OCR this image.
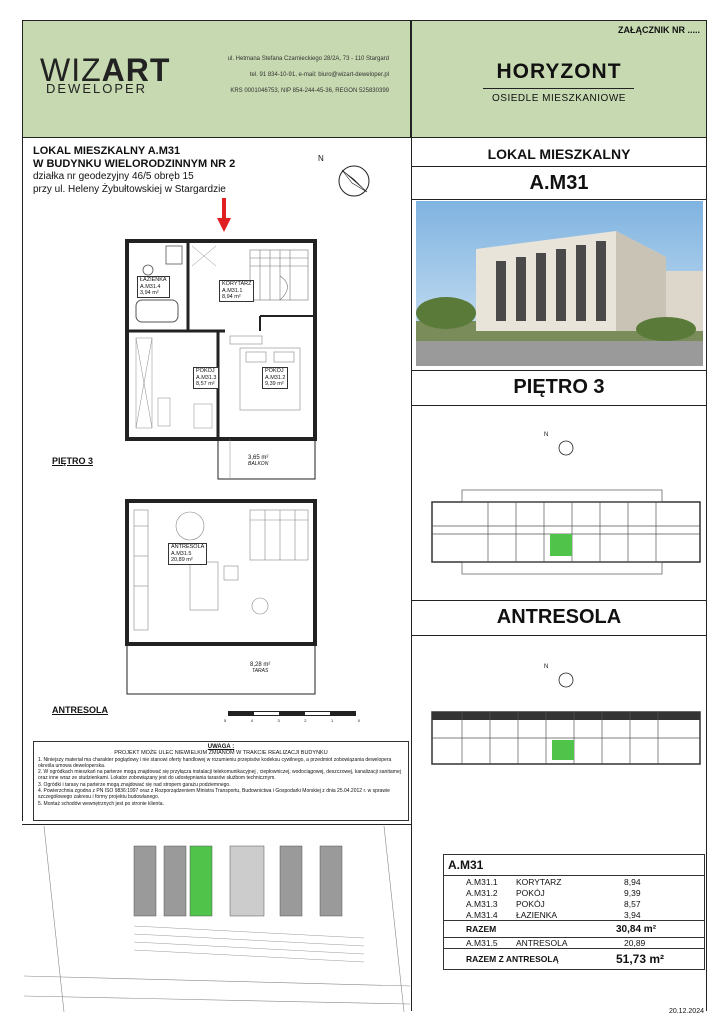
WIZART
DEWELOPER
ul. Hetmana Stefana Czarnieckiego 28/2A, 73 - 110 Stargard
tel. 91 834-10-91, e-mail: biuro@wizart-deweloper.pl
KRS 0001046753, NIP 854-244-45-36, REGON 525830399
ZAŁĄCZNIK NR .....
HORYZONT
OSIEDLE MIESZKANIOWE
LOKAL MIESZKALNY A.M31
W BUDYNKU WIELORODZINNYM NR 2
działka nr geodezyjny 46/5 obręb 15
przy ul. Heleny Żybułtowskiej w Stargardzie
N
ŁAZIENKA
A.M31.4
3,94 m²
KORYTARZ
A.M31.1
8,94 m²
POKÓJ
A.M31.3
8,57 m²
POKÓJ
A.M31.2
9,39 m²
3,65 m²
BALKON
PIĘTRO 3
ANTRESOLA
A.M31.5
20,89 m²
8,28 m²
TARAS
ANTRESOLA
5	4	3	2	1	0
UWAGA :
PROJEKT MOŻE ULEC NIEWIELKIM ZMIANOM W TRAKCIE REALIZACJI BUDYNKU
1. Niniejszy materiał ma charakter poglądowy i nie stanowi oferty handlowej w rozumieniu przepisów kodeksu cywilnego, a przedmiot zobowiązania dewelopera określa umowa deweloperska.
2. W ogródkach mieszkań na parterze mogą znajdować się przyłącza instalacji telekomunikacyjnej , ciepłowniczej, wodociągowej, deszczowej, kanalizacji sanitarnej oraz inne wraz ze studzienkami. Lokator zobowiązany jest do udostępniania tarasów służbom technicznym.
3. Ogródki i tarasy na parterze mogą znajdować się nad stropem garażu podziemnego.
4. Powierzchnia zgodna z PN ISO 9836:1997 oraz z Rozporządzeniem Ministra Transportu, Budownictwa i Gospodarki Morskiej z dnia 25.04.2012 r. w sprawie szczegółowego zakresu i formy projektu budowlanego.
5. Montaż schodów wewnętrznych jest po stronie klienta.
LOKAL MIESZKALNY
A.M31
PIĘTRO 3
N
ANTRESOLA
N
A.M31
A.M31.1	KORYTARZ	8,94
A.M31.2	POKÓJ	9,39
A.M31.3	POKÓJ	8,57
A.M31.4	ŁAZIENKA	3,94
RAZEM	30,84 m²
A.M31.5	ANTRESOLA	20,89
RAZEM Z ANTRESOLĄ	51,73 m²
20.12.2024
